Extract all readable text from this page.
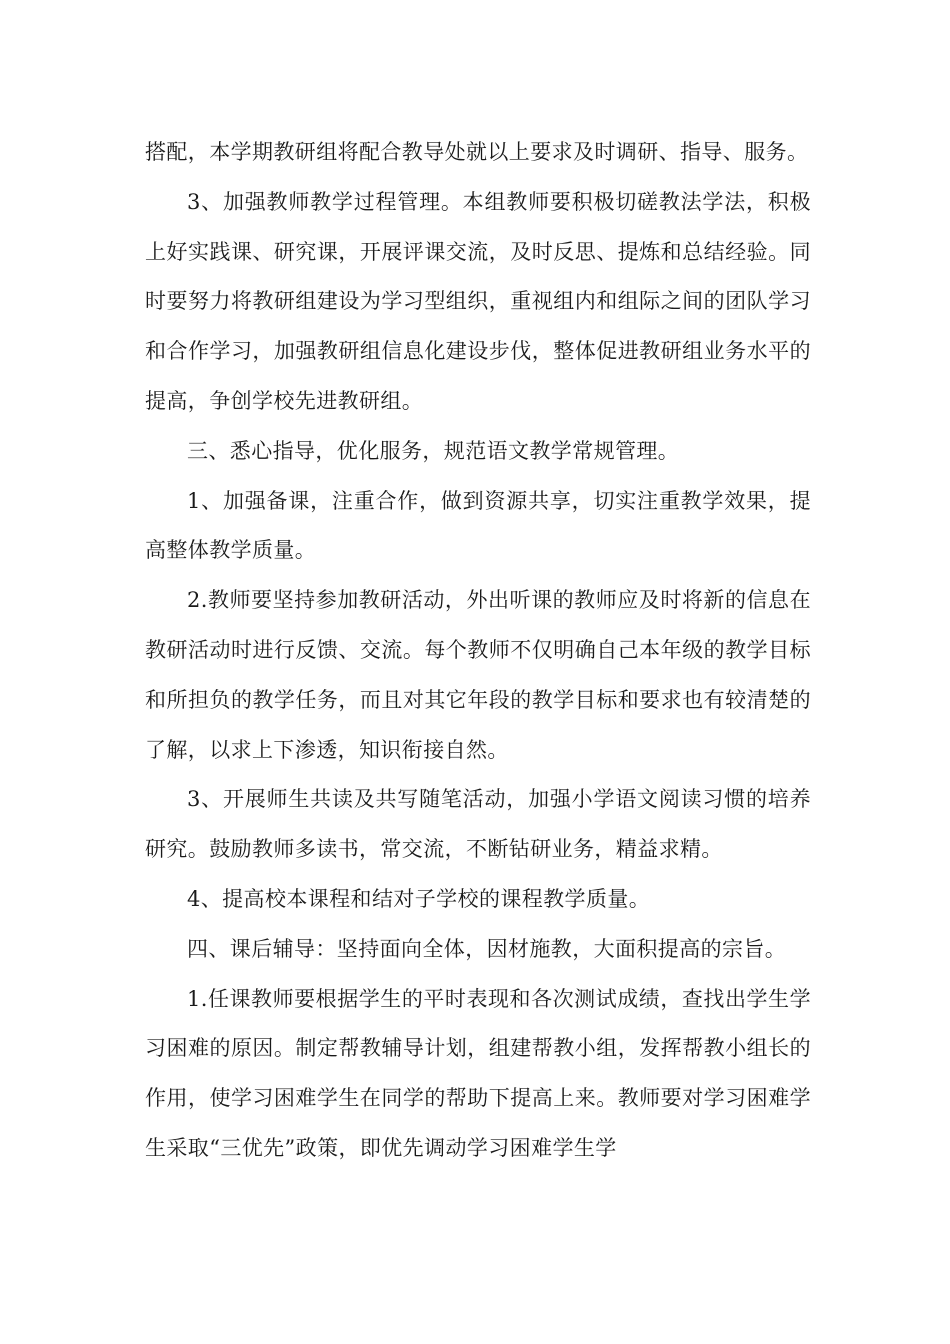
搭配，本学期教研组将配合教导处就以上要求及时调研、指导、服务。

3、加强教师教学过程管理。本组教师要积极切磋教法学法，积极上好实践课、研究课，开展评课交流，及时反思、提炼和总结经验。同时要努力将教研组建设为学习型组织，重视组内和组际之间的团队学习和合作学习，加强教研组信息化建设步伐，整体促进教研组业务水平的提高，争创学校先进教研组。

三、悉心指导，优化服务，规范语文教学常规管理。

1、加强备课，注重合作，做到资源共享，切实注重教学效果，提高整体教学质量。

2.教师要坚持参加教研活动，外出听课的教师应及时将新的信息在教研活动时进行反馈、交流。每个教师不仅明确自己本年级的教学目标和所担负的教学任务，而且对其它年段的教学目标和要求也有较清楚的了解，以求上下渗透，知识衔接自然。

3、开展师生共读及共写随笔活动，加强小学语文阅读习惯的培养研究。鼓励教师多读书，常交流，不断钻研业务，精益求精。

4、提高校本课程和结对子学校的课程教学质量。

四、课后辅导：坚持面向全体，因材施教，大面积提高的宗旨。

1.任课教师要根据学生的平时表现和各次测试成绩，查找出学生学习困难的原因。制定帮教辅导计划，组建帮教小组，发挥帮教小组长的作用，使学习困难学生在同学的帮助下提高上来。教师要对学习困难学生采取“三优先”政策，即优先调动学习困难学生学
